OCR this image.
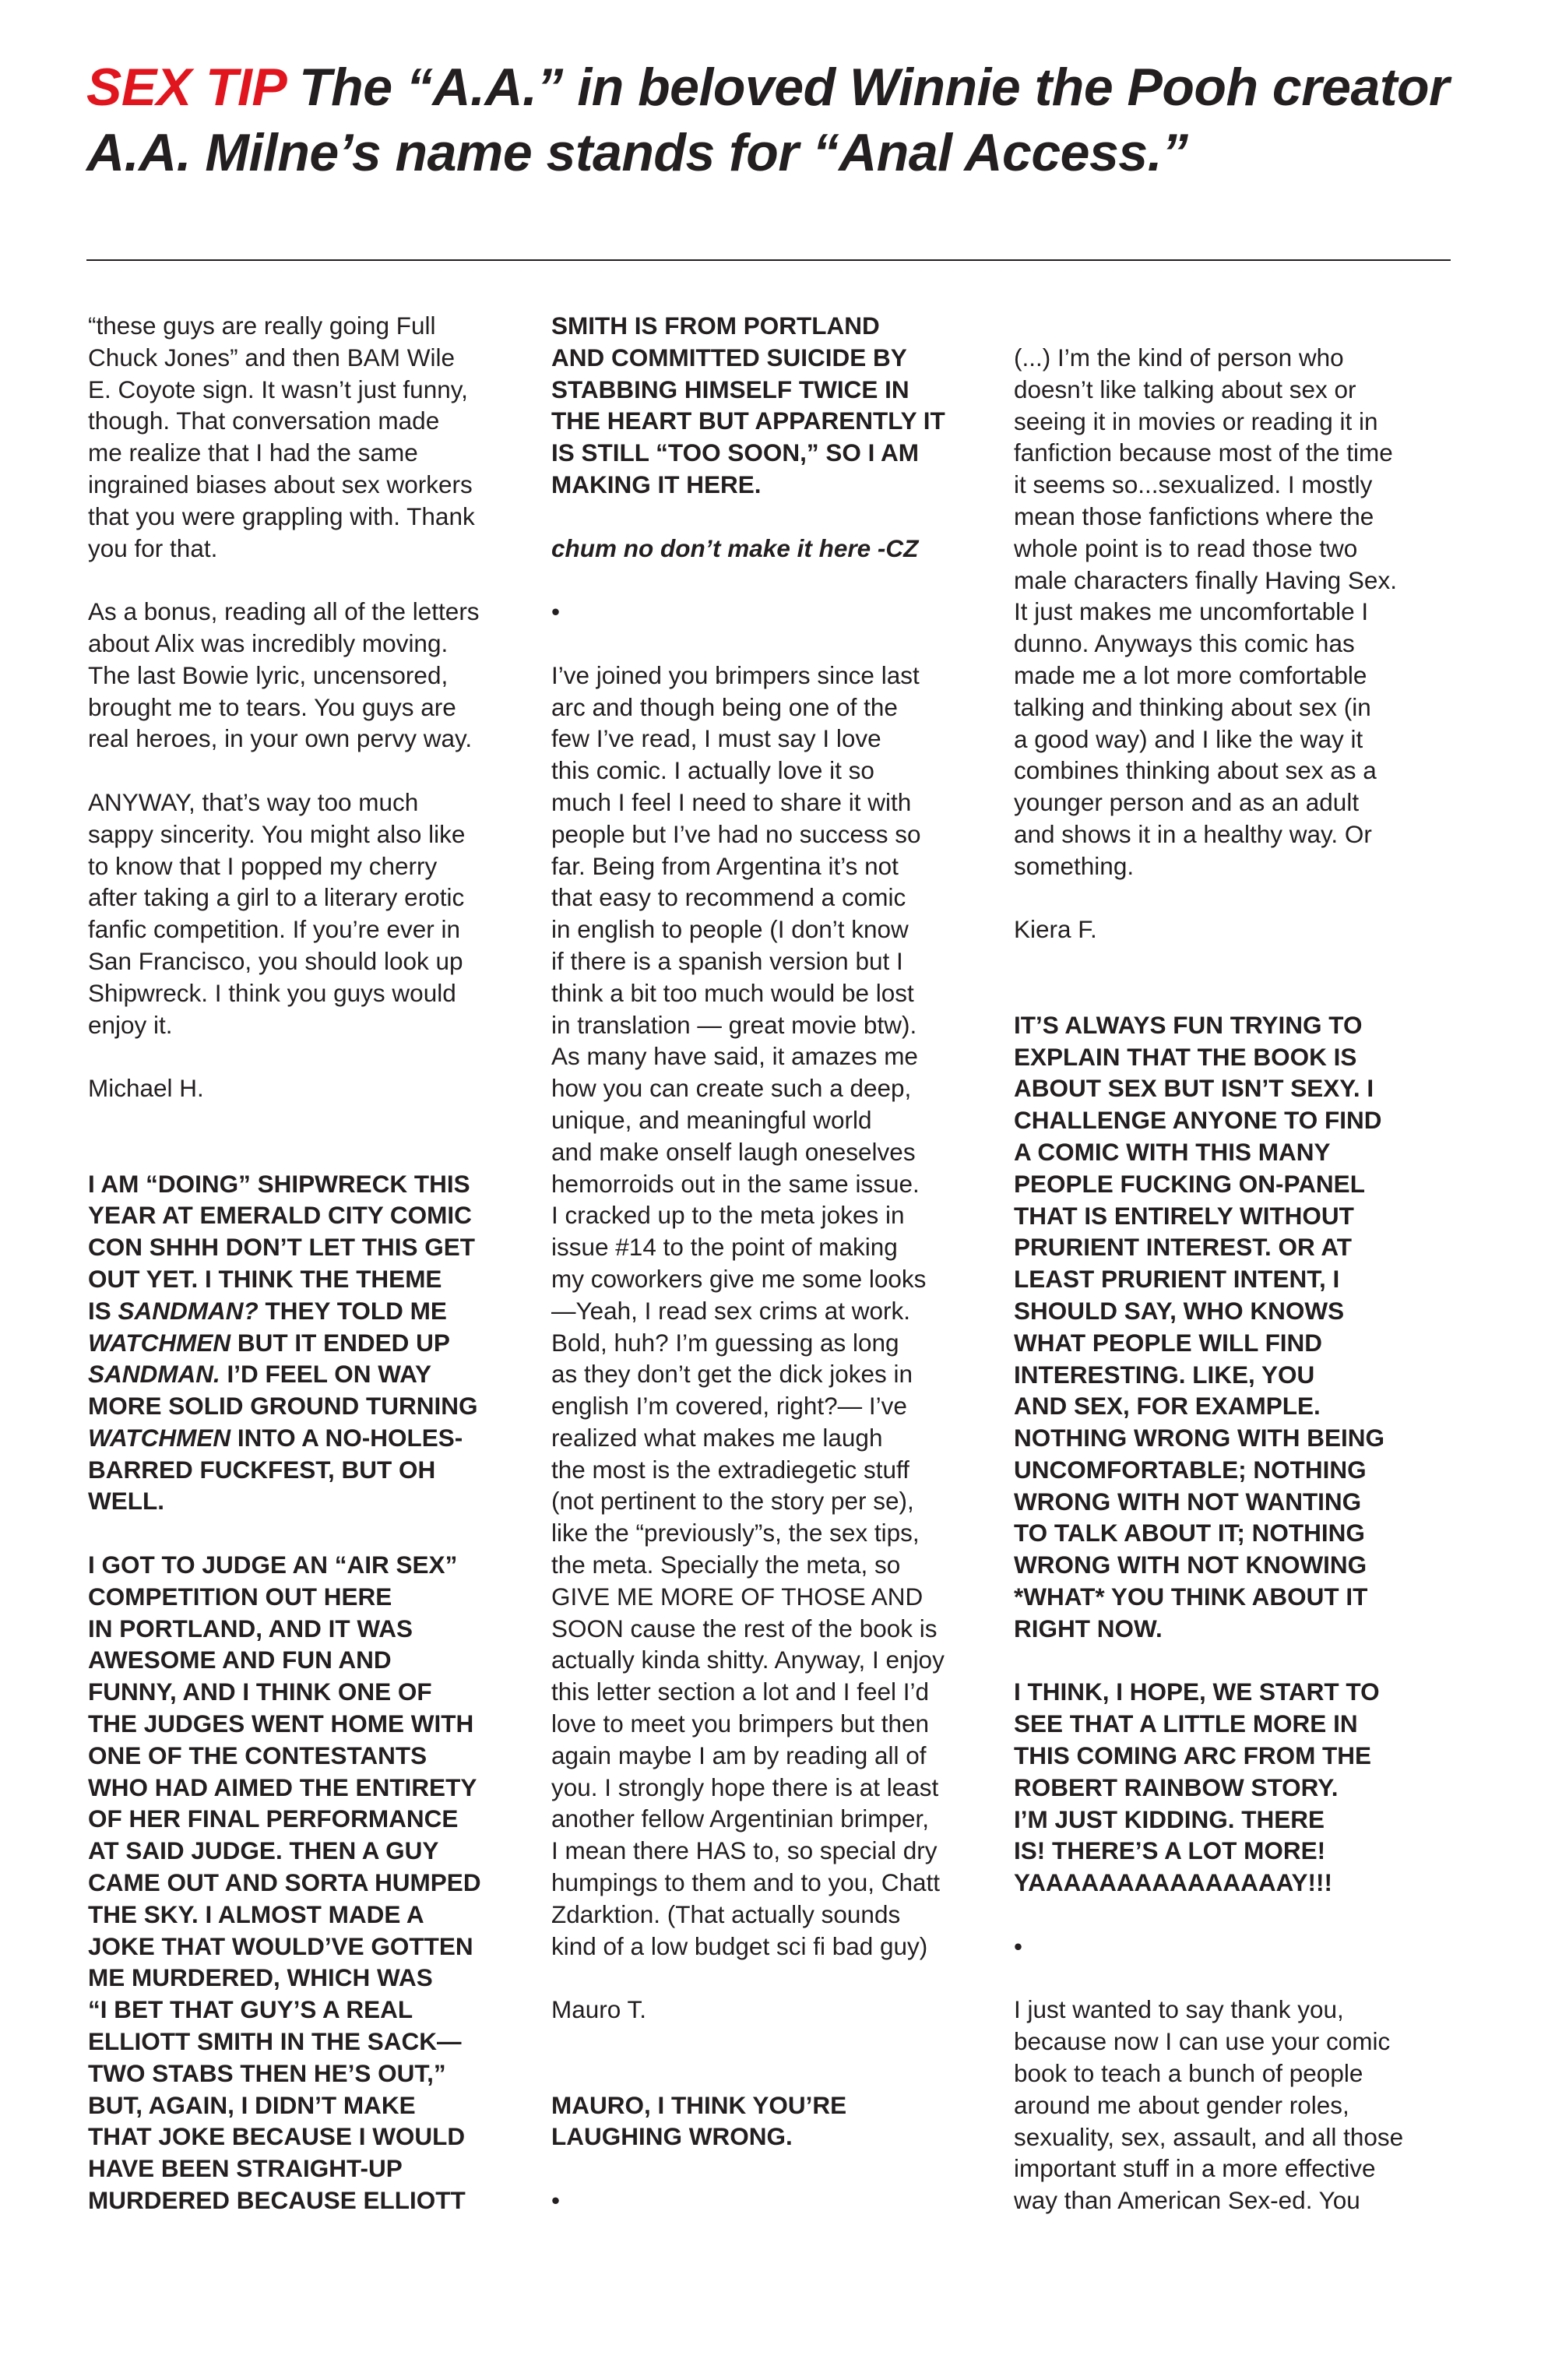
SEX TIP The “A.A.” in beloved Winnie the Pooh creator A.A. Milne’s name stands for “Anal Access.”

“these guys are really going Full
Chuck Jones” and then BAM Wile
E. Coyote sign. It wasn’t just funny,
though. That conversation made
me realize that I had the same
ingrained biases about sex workers
that you were grappling with. Thank
you for that.

As a bonus, reading all of the letters
about Alix was incredibly moving.
The last Bowie lyric, uncensored,
brought me to tears. You guys are
real heroes, in your own pervy way.

ANYWAY, that’s way too much
sappy sincerity. You might also like
to know that I popped my cherry
after taking a girl to a literary erotic
fanfic competition. If you’re ever in
San Francisco, you should look up
Shipwreck. I think you guys would
enjoy it.

Michael H.

I AM “DOING” SHIPWRECK THIS
YEAR AT EMERALD CITY COMIC
CON SHHH DON’T LET THIS GET
OUT YET. I THINK THE THEME
IS SANDMAN? THEY TOLD ME
WATCHMEN BUT IT ENDED UP
SANDMAN. I’D FEEL ON WAY
MORE SOLID GROUND TURNING
WATCHMEN INTO A NO-HOLES-
BARRED FUCKFEST, BUT OH
WELL.

I GOT TO JUDGE AN “AIR SEX”
COMPETITION OUT HERE
IN PORTLAND, AND IT WAS
AWESOME AND FUN AND
FUNNY, AND I THINK ONE OF
THE JUDGES WENT HOME WITH
ONE OF THE CONTESTANTS
WHO HAD AIMED THE ENTIRETY
OF HER FINAL PERFORMANCE
AT SAID JUDGE. THEN A GUY
CAME OUT AND SORTA HUMPED
THE SKY. I ALMOST MADE A
JOKE THAT WOULD’VE GOTTEN
ME MURDERED, WHICH WAS
“I BET THAT GUY’S A REAL
ELLIOTT SMITH IN THE SACK—
TWO STABS THEN HE’S OUT,”
BUT, AGAIN, I DIDN’T MAKE
THAT JOKE BECAUSE I WOULD
HAVE BEEN STRAIGHT-UP
MURDERED BECAUSE ELLIOTT

SMITH IS FROM PORTLAND
AND COMMITTED SUICIDE BY
STABBING HIMSELF TWICE IN
THE HEART BUT APPARENTLY IT
IS STILL “TOO SOON,” SO I AM
MAKING IT HERE.

chum no don’t make it here -CZ

•

I’ve joined you brimpers since last
arc and though being one of the
few I’ve read, I must say I love
this comic. I actually love it so
much I feel I need to share it with
people but I’ve had no success so
far. Being from Argentina it’s not
that easy to recommend a comic
in english to people (I don’t know
if there is a spanish version but I
think a bit too much would be lost
in translation — great movie btw).
As many have said, it amazes me
how you can create such a deep,
unique, and meaningful world
and make onself laugh oneselves
hemorroids out in the same issue.
I cracked up to the meta jokes in
issue #14 to the point of making
my coworkers give me some looks
—Yeah, I read sex crims at work.
Bold, huh? I’m guessing as long
as they don’t get the dick jokes in
english I’m covered, right?— I’ve
realized what makes me laugh
the most is the extradiegetic stuff
(not pertinent to the story per se),
like the “previously”s, the sex tips,
the meta. Specially the meta, so
GIVE ME MORE OF THOSE AND
SOON cause the rest of the book is
actually kinda shitty. Anyway, I enjoy
this letter section a lot and I feel I’d
love to meet you brimpers but then
again maybe I am by reading all of
you. I strongly hope there is at least
another fellow Argentinian brimper,
I mean there HAS to, so special dry
humpings to them and to you, Chatt
Zdarktion. (That actually sounds
kind of a low budget sci fi bad guy)

Mauro T.

MAURO, I THINK YOU’RE
LAUGHING WRONG.

•

(...) I’m the kind of person who
doesn’t like talking about sex or
seeing it in movies or reading it in
fanfiction because most of the time
it seems so...sexualized. I mostly
mean those fanfictions where the
whole point is to read those two
male characters finally Having Sex.
It just makes me uncomfortable I
dunno. Anyways this comic has
made me a lot more comfortable
talking and thinking about sex (in
a good way) and I like the way it
combines thinking about sex as a
younger person and as an adult
and shows it in a healthy way. Or
something.

Kiera F.

IT’S ALWAYS FUN TRYING TO
EXPLAIN THAT THE BOOK IS
ABOUT SEX BUT ISN’T SEXY. I
CHALLENGE ANYONE TO FIND
A COMIC WITH THIS MANY
PEOPLE FUCKING ON-PANEL
THAT IS ENTIRELY WITHOUT
PRURIENT INTEREST. OR AT
LEAST PRURIENT INTENT, I
SHOULD SAY, WHO KNOWS
WHAT PEOPLE WILL FIND
INTERESTING. LIKE, YOU
AND SEX, FOR EXAMPLE.
NOTHING WRONG WITH BEING
UNCOMFORTABLE; NOTHING
WRONG WITH NOT WANTING
TO TALK ABOUT IT; NOTHING
WRONG WITH NOT KNOWING
*WHAT* YOU THINK ABOUT IT
RIGHT NOW.

I THINK, I HOPE, WE START TO
SEE THAT A LITTLE MORE IN
THIS COMING ARC FROM THE
ROBERT RAINBOW STORY.
I’M JUST KIDDING. THERE
IS! THERE’S A LOT MORE!
YAAAAAAAAAAAAAAAY!!!

•

I just wanted to say thank you,
because now I can use your comic
book to teach a bunch of people
around me about gender roles,
sexuality, sex, assault, and all those
important stuff in a more effective
way than American Sex-ed. You
